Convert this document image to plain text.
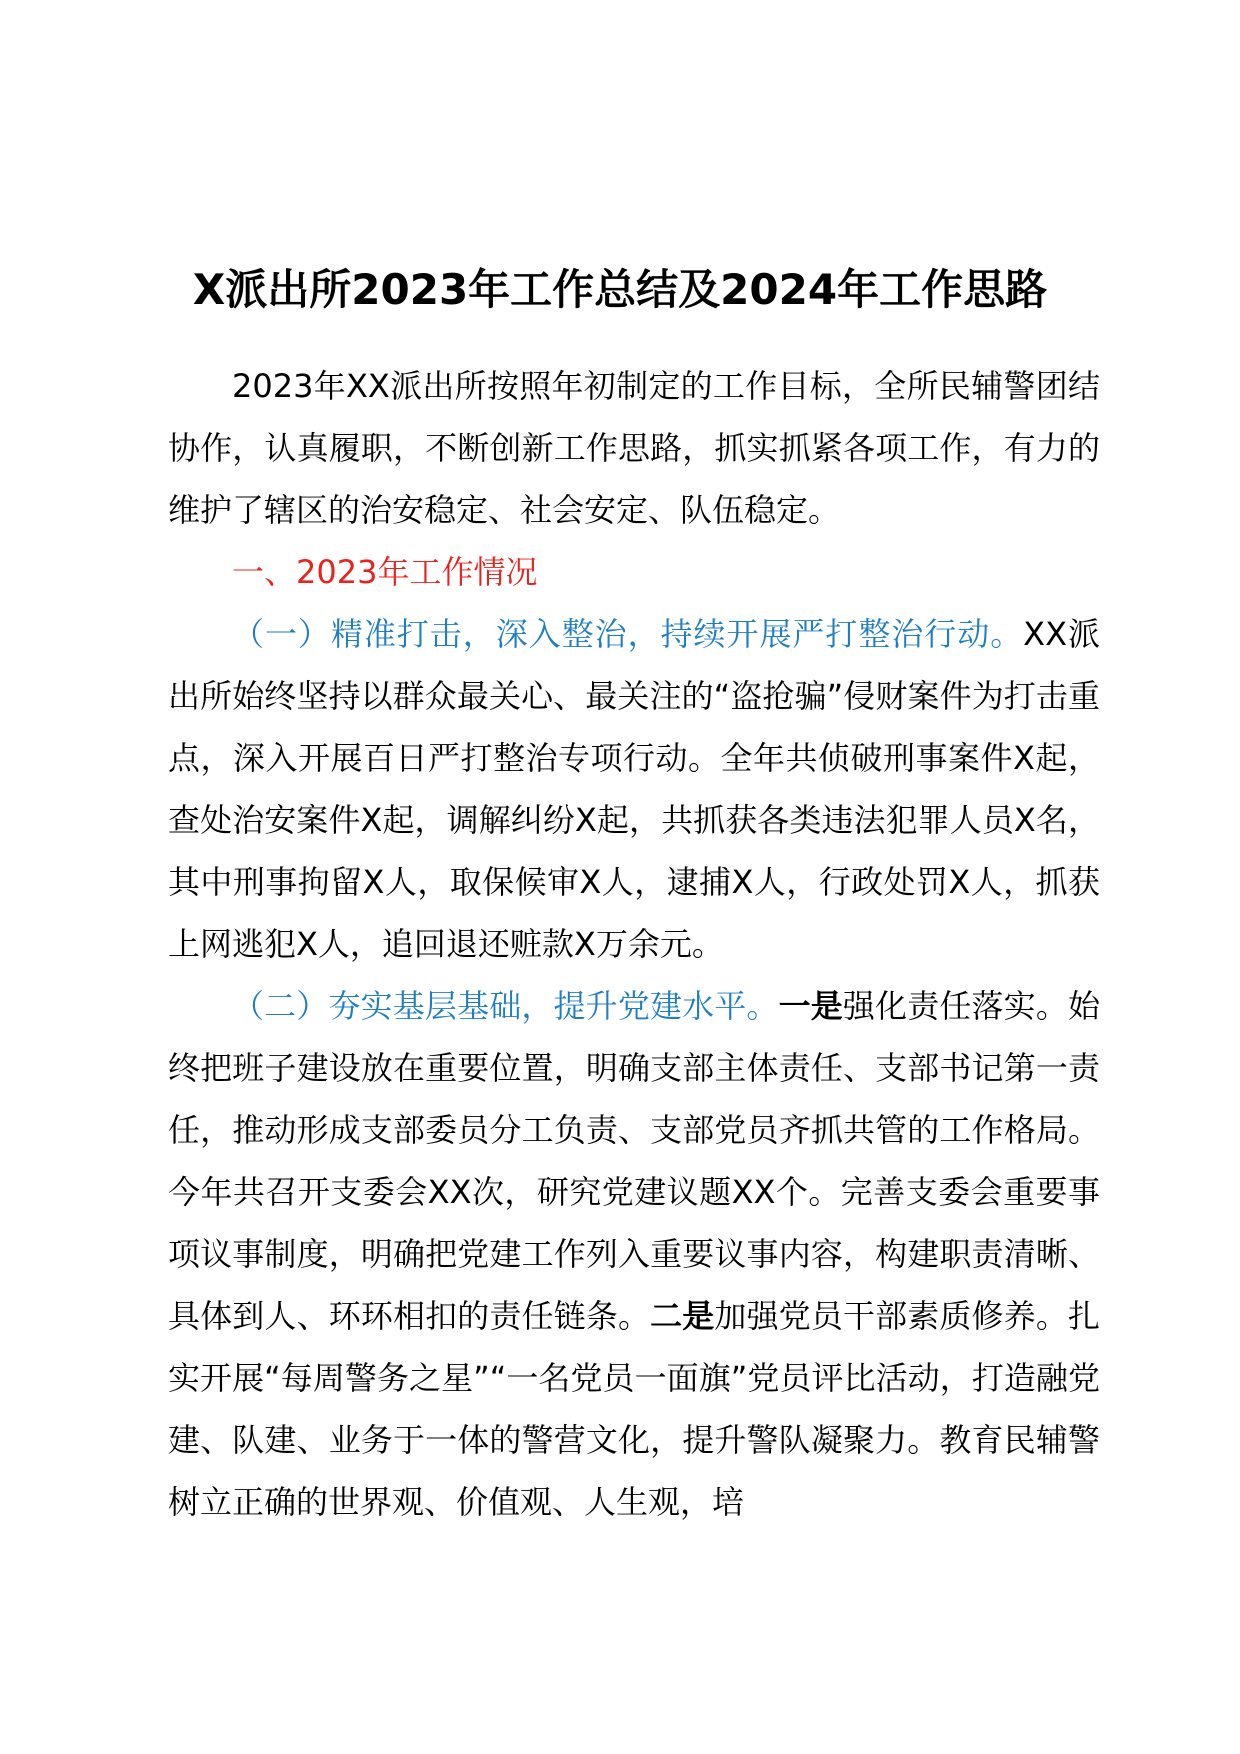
X派出所2023年工作总结及2024年工作思路

2023年XX派出所按照年初制定的工作目标，全所民辅警团结协作，认真履职，不断创新工作思路，抓实抓紧各项工作，有力的维护了辖区的治安稳定、社会安定、队伍稳定。

一、2023年工作情况

（一）精准打击，深入整治，持续开展严打整治行动。XX派出所始终坚持以群众最关心、最关注的“盗抢骗”侵财案件为打击重点，深入开展百日严打整治专项行动。全年共侦破刑事案件X起，查处治安案件X起，调解纠纷X起，共抓获各类违法犯罪人员X名，其中刑事拘留X人，取保候审X人，逮捕X人，行政处罚X人，抓获上网逃犯X人，追回退还赃款X万余元。

（二）夯实基层基础，提升党建水平。一是强化责任落实。始终把班子建设放在重要位置，明确支部主体责任、支部书记第一责任，推动形成支部委员分工负责、支部党员齐抓共管的工作格局。今年共召开支委会XX次，研究党建议题XX个。完善支委会重要事项议事制度，明确把党建工作列入重要议事内容，构建职责清晰、具体到人、环环相扣的责任链条。二是加强党员干部素质修养。扎实开展“每周警务之星”“一名党员一面旗”党员评比活动，打造融党建、队建、业务于一体的警营文化，提升警队凝聚力。教育民辅警树立正确的世界观、价值观、人生观，培
